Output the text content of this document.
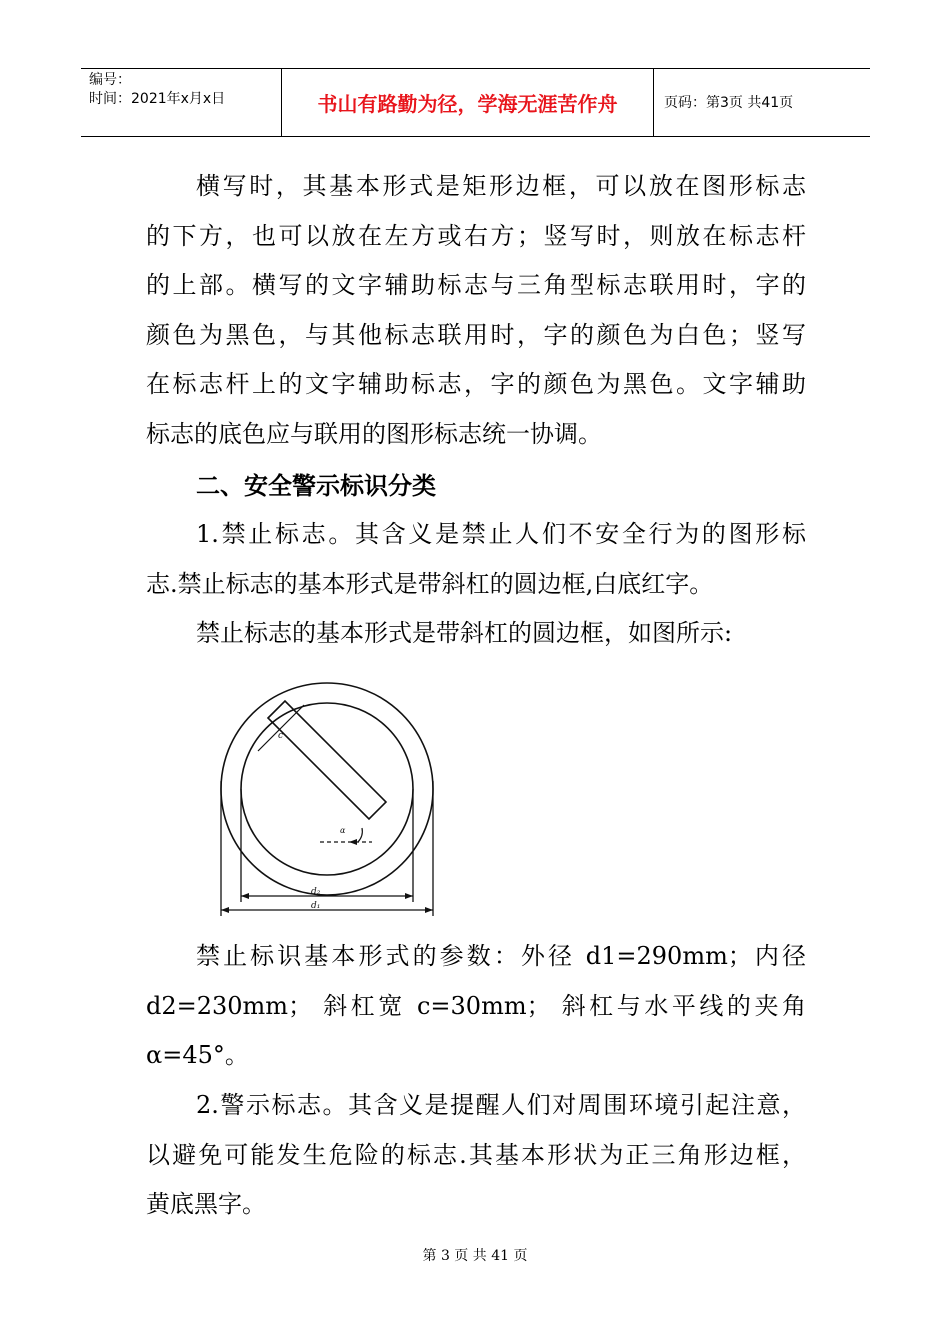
编号：
时间：2021年x月x日	书山有路勤为径，学海无涯苦作舟	页码：第3页 共41页
横写时，其基本形式是矩形边框，可以放在图形标志
的下方，也可以放在左方或右方；竖写时，则放在标志杆
的上部。横写的文字辅助标志与三角型标志联用时，字的
颜色为黑色，与其他标志联用时，字的颜色为白色；竖写
在标志杆上的文字辅助标志，字的颜色为黑色。文字辅助
标志的底色应与联用的图形标志统一协调。
二、安全警示标识分类
1.禁止标志。其含义是禁止人们不安全行为的图形标
志.禁止标志的基本形式是带斜杠的圆边框,白底红字。
禁止标志的基本形式是带斜杠的圆边框，如图所示:
c
α
d₂
d₁
禁止标识基本形式的参数：外径 d1=290mm；内径
d2=230mm； 斜杠宽 c=30mm； 斜杠与水平线的夹角
α=45°。
2.警示标志。其含义是提醒人们对周围环境引起注意，
以避免可能发生危险的标志.其基本形状为正三角形边框，
黄底黑字。
第 3 页 共 41 页
